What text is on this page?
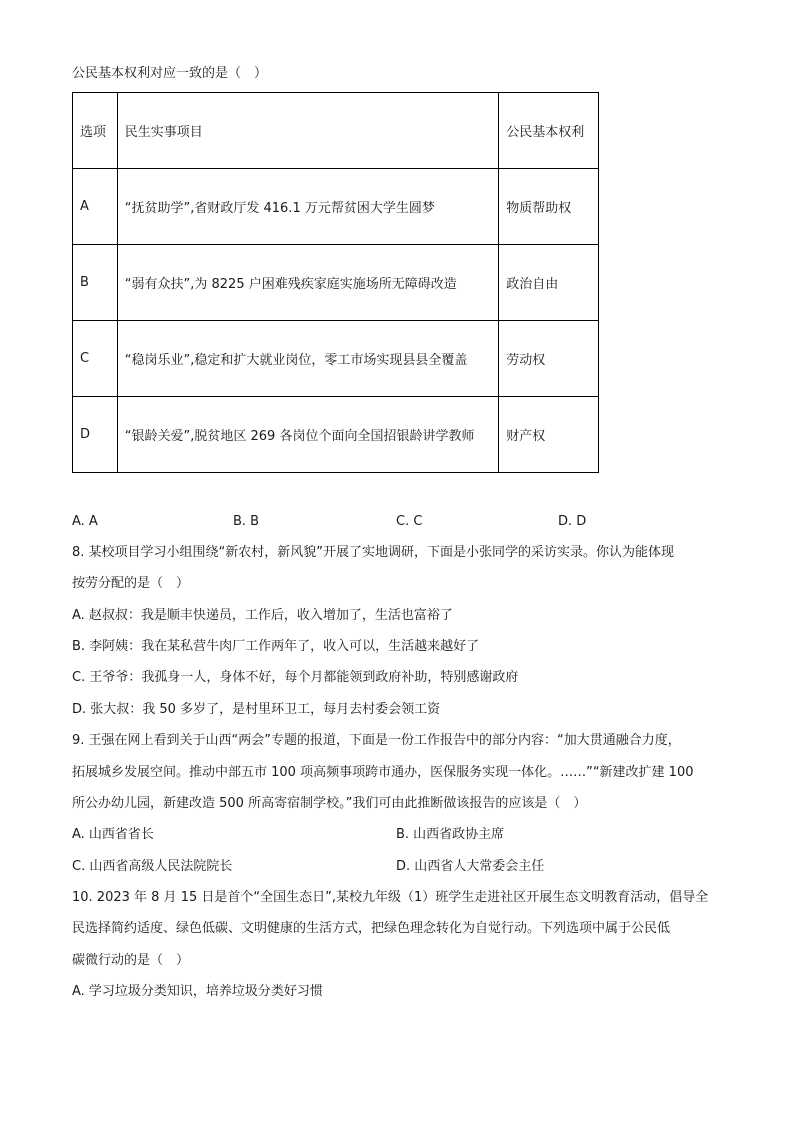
公民基本权利对应一致的是（　）
选项	民生实事项目	公民基本权利
A	“抚贫助学”,省财政厅发 416.1 万元帮贫困大学生圆梦	物质帮助权
B	“弱有众扶”,为 8225 户困难残疾家庭实施场所无障碍改造	政治自由
C	“稳岗乐业”,稳定和扩大就业岗位，零工市场实现县县全覆盖	劳动权
D	“银龄关爱”,脱贫地区 269 各岗位个面向全国招银龄讲学教师	财产权
A. A	B. B	C. C	D. D
8. 某校项目学习小组围绕“新农村，新风貌”开展了实地调研，下面是小张同学的采访实录。你认为能体现
按劳分配的是（　）
A. 赵叔叔：我是顺丰快递员，工作后，收入增加了，生活也富裕了
B. 李阿姨：我在某私营牛肉厂工作两年了，收入可以，生活越来越好了
C. 王爷爷：我孤身一人，身体不好，每个月都能领到政府补助，特别感谢政府
D. 张大叔：我 50 多岁了，是村里环卫工，每月去村委会领工资
9. 王强在网上看到关于山西“两会”专题的报道，下面是一份工作报告中的部分内容：“加大贯通融合力度，
拓展城乡发展空间。推动中部五市 100 项高频事项跨市通办，医保服务实现一体化。……”“新建改扩建 100
所公办幼儿园，新建改造 500 所高寄宿制学校。”我们可由此推断做该报告的应该是（　）
A. 山西省省长	B. 山西省政协主席
C. 山西省高级人民法院院长	D. 山西省人大常委会主任
10. 2023 年 8 月 15 日是首个“全国生态日”,某校九年级（1）班学生走进社区开展生态文明教育活动，倡导全
民选择简约适度、绿色低碳、文明健康的生活方式，把绿色理念转化为自觉行动。下列选项中属于公民低
碳微行动的是（　）
A. 学习垃圾分类知识，培养垃圾分类好习惯
